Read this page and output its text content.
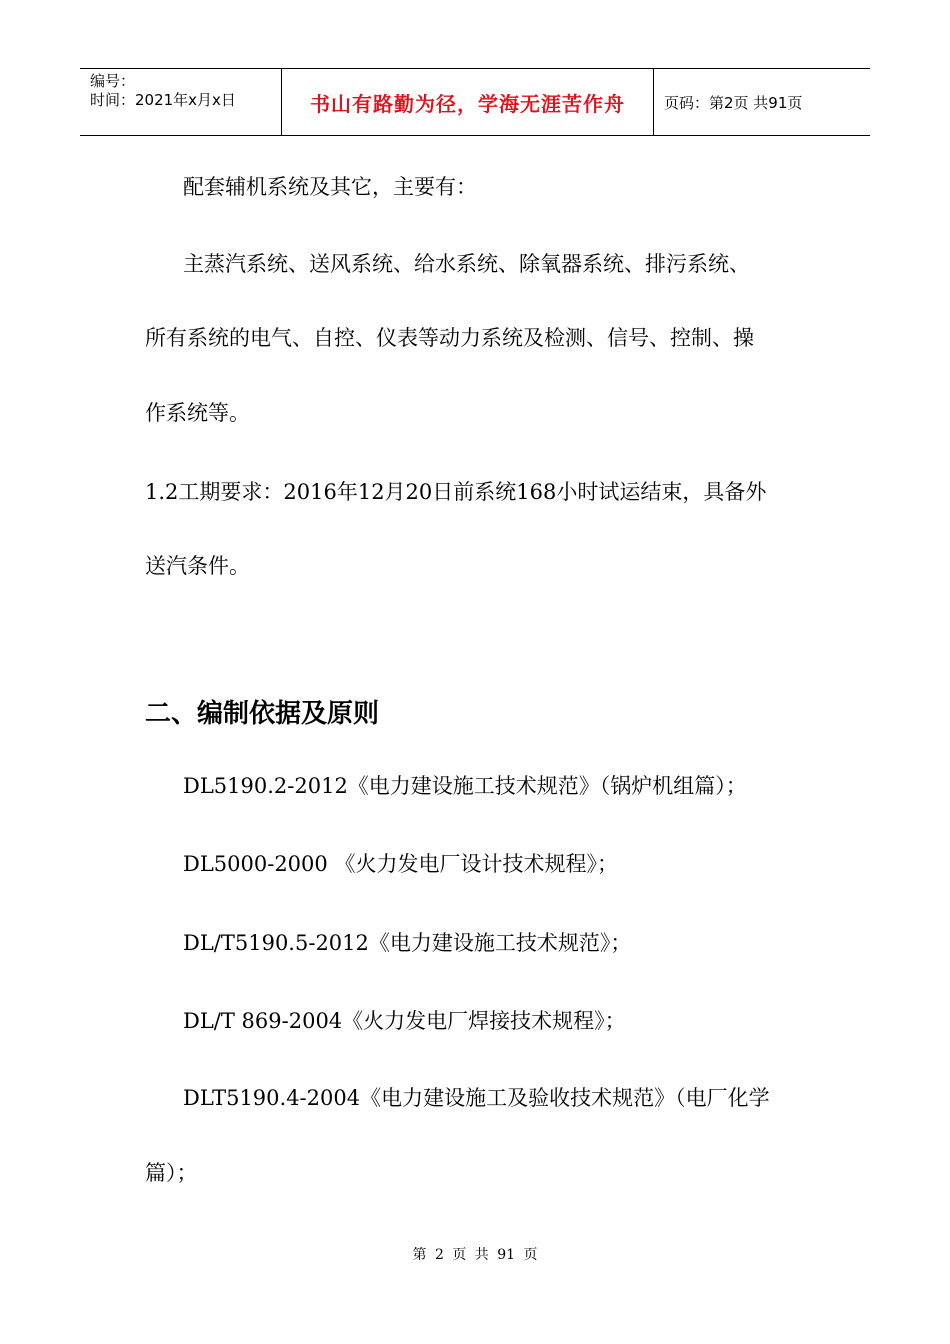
编号：
时间：2021年x月x日	书山有路勤为径，学海无涯苦作舟	页码：第2页 共91页
配套辅机系统及其它，主要有：
主蒸汽系统、送风系统、给水系统、除氧器系统、排污系统、
所有系统的电气、自控、仪表等动力系统及检测、信号、控制、操
作系统等。
1.2工期要求：2016年12月20日前系统168小时试运结束，具备外
送汽条件。
二、编制依据及原则
DL5190.2-2012《电力建设施工技术规范》（锅炉机组篇）；
DL5000-2000 《火力发电厂设计技术规程》；
DL/T5190.5-2012《电力建设施工技术规范》；
DL/T 869-2004《火力发电厂焊接技术规程》；
DLT5190.4-2004《电力建设施工及验收技术规范》（电厂化学
篇）；
第 2 页 共 91 页
